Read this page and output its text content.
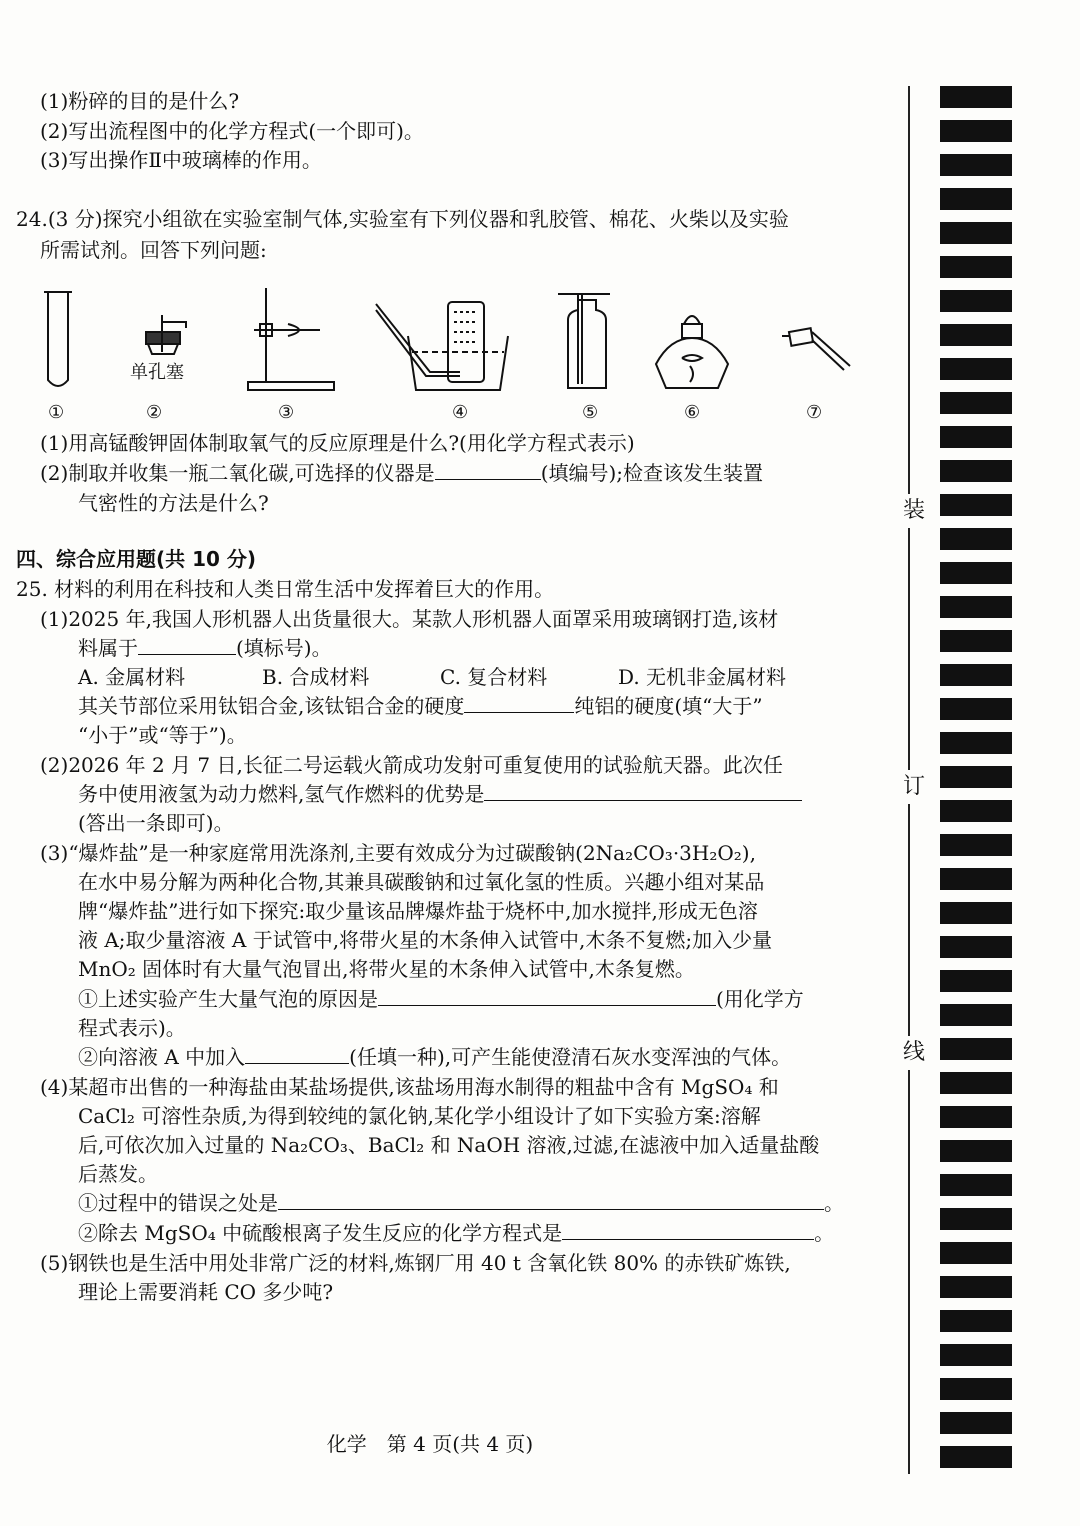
(1)粉碎的目的是什么?
(2)写出流程图中的化学方程式(一个即可)。
(3)写出操作Ⅱ中玻璃棒的作用。
24.(3 分)探究小组欲在实验室制气体,实验室有下列仪器和乳胶管、棉花、火柴以及实验
所需试剂。回答下列问题:
单孔塞
①	②	③	④	⑤	⑥	⑦
(1)用高锰酸钾固体制取氧气的反应原理是什么?(用化学方程式表示)
(2)制取并收集一瓶二氧化碳,可选择的仪器是	(填编号);检查该发生装置
气密性的方法是什么?
四、综合应用题(共 10 分)
25. 材料的利用在科技和人类日常生活中发挥着巨大的作用。
(1)2025 年,我国人形机器人出货量很大。某款人形机器人面罩采用玻璃钢打造,该材
料属于	(填标号)。
A. 金属材料	B. 合成材料	C. 复合材料	D. 无机非金属材料
其关节部位采用钛铝合金,该钛铝合金的硬度	纯铝的硬度(填“大于”
“小于”或“等于”)。
(2)2026 年 2 月 7 日,长征二号运载火箭成功发射可重复使用的试验航天器。此次任
务中使用液氢为动力燃料,氢气作燃料的优势是
(答出一条即可)。
(3)“爆炸盐”是一种家庭常用洗涤剂,主要有效成分为过碳酸钠(2Na₂CO₃·3H₂O₂),
在水中易分解为两种化合物,其兼具碳酸钠和过氧化氢的性质。兴趣小组对某品
牌“爆炸盐”进行如下探究:取少量该品牌爆炸盐于烧杯中,加水搅拌,形成无色溶
液 A;取少量溶液 A 于试管中,将带火星的木条伸入试管中,木条不复燃;加入少量
MnO₂ 固体时有大量气泡冒出,将带火星的木条伸入试管中,木条复燃。
①上述实验产生大量气泡的原因是	(用化学方
程式表示)。
②向溶液 A 中加入	(任填一种),可产生能使澄清石灰水变浑浊的气体。
(4)某超市出售的一种海盐由某盐场提供,该盐场用海水制得的粗盐中含有 MgSO₄ 和
CaCl₂ 可溶性杂质,为得到较纯的氯化钠,某化学小组设计了如下实验方案:溶解
后,可依次加入过量的 Na₂CO₃、BaCl₂ 和 NaOH 溶液,过滤,在滤液中加入适量盐酸
后蒸发。
①过程中的错误之处是	。
②除去 MgSO₄ 中硫酸根离子发生反应的化学方程式是	。
(5)钢铁也是生活中用处非常广泛的材料,炼钢厂用 40 t 含氧化铁 80% 的赤铁矿炼铁,
理论上需要消耗 CO 多少吨?
装
订
线
化学　第 4 页(共 4 页)
